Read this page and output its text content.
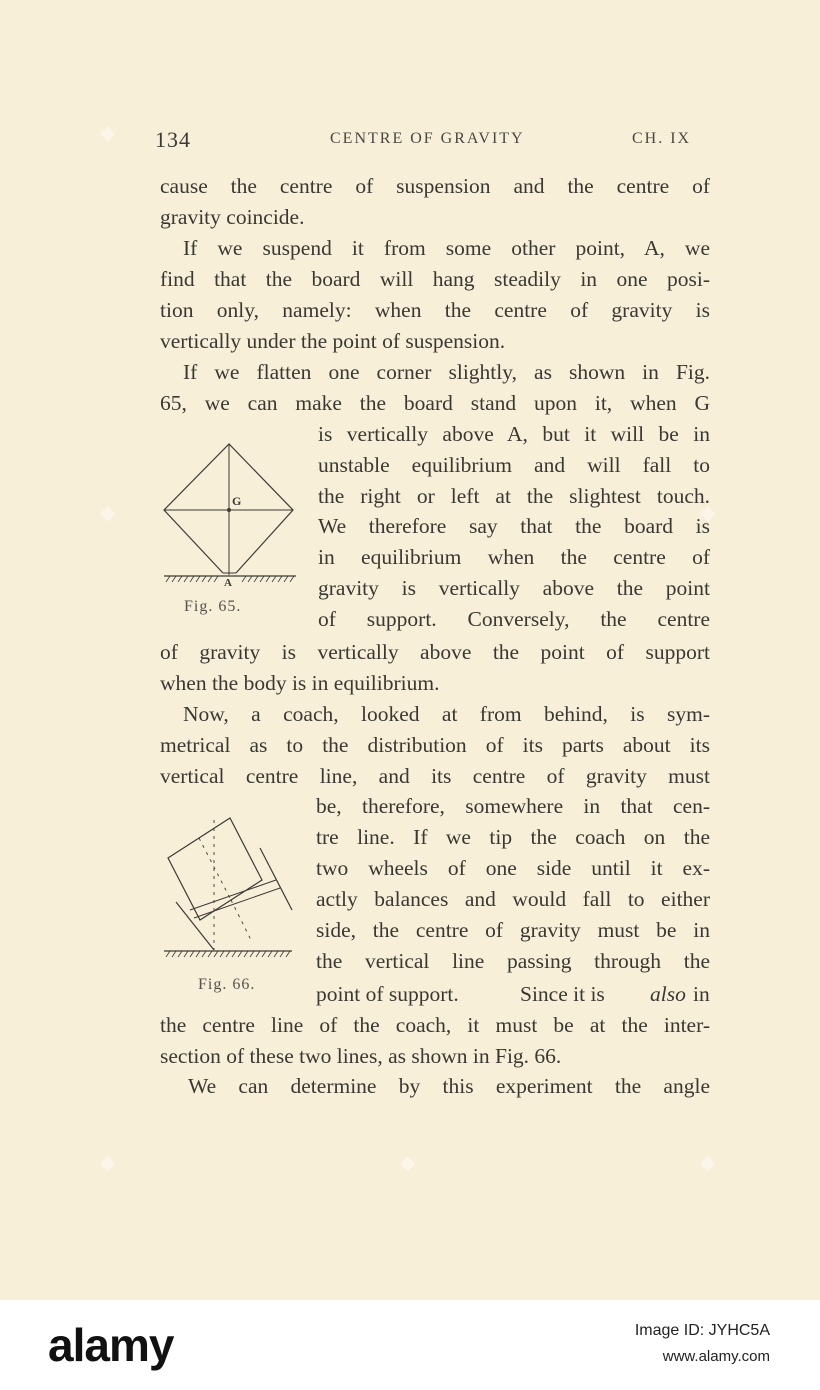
134	CENTRE OF GRAVITY	CH. IX
cause the centre of suspension and the centre of
gravity coincide.
If we suspend it from some other point, A, we
find that the board will hang steadily in one posi-
tion only, namely: when the centre of gravity is
vertically under the point of suspension.
If we flatten one corner slightly, as shown in Fig.
65, we can make the board stand upon it, when G
is vertically above A, but it will be in
unstable equilibrium and will fall to
the right or left at the slightest touch.
We therefore say that the board is
in equilibrium when the centre of
gravity is vertically above the point
of support. Conversely, the centre
of gravity is vertically above the point of support
when the body is in equilibrium.
Now, a coach, looked at from behind, is sym-
metrical as to the distribution of its parts about its
vertical centre line, and its centre of gravity must
be, therefore, somewhere in that cen-
tre line. If we tip the coach on the
two wheels of one side until it ex-
actly balances and would fall to either
side, the centre of gravity must be in
the vertical line passing through the
point of support.	Since it is also in
the centre line of the coach, it must be at the inter-
section of these two lines, as shown in Fig. 66.
We can determine by this experiment the angle
G
A
Fig. 65.
Fig. 66.
◆
◆
◆	◆	◆
◆
alamy	Image ID: JYHC5A
www.alamy.com
